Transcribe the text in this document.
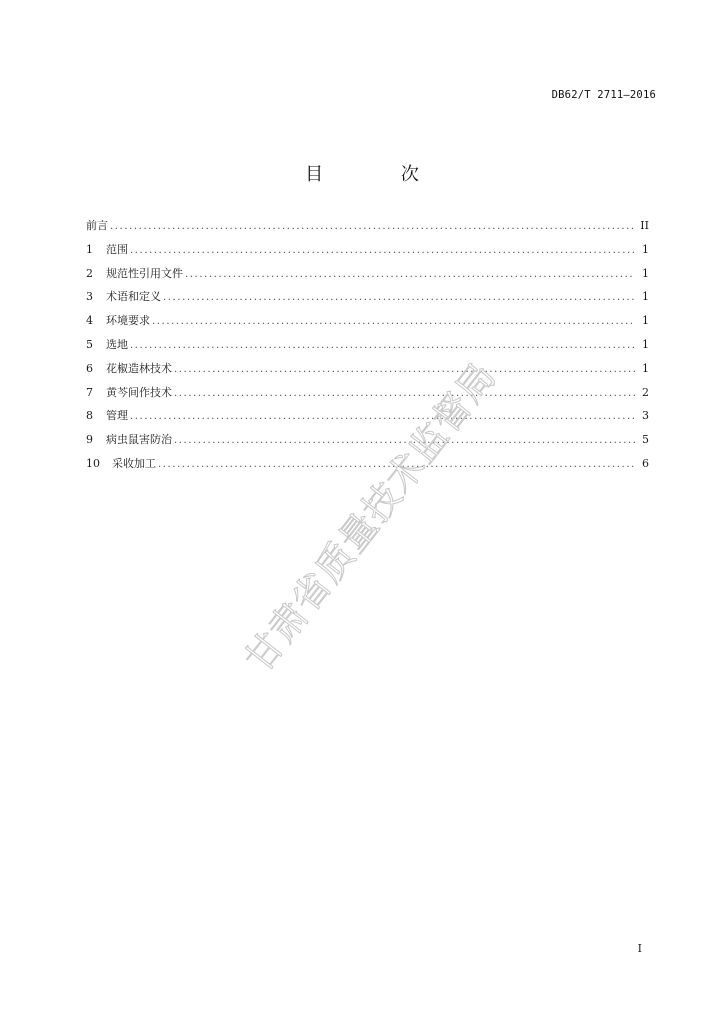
DB62/T 2711—2016
目 次
前言 .....	II
1	范围 .....	1
2	规范性引用文件 .....	1
3	术语和定义 .....	1
4	环境要求 .....	1
5	选地 .....	1
6	花椒造林技术 .....	1
7	黄芩间作技术 .....	2
8	管理 .....	3
9	病虫鼠害防治 .....	5
10	采收加工 .....	6
甘肃省质量技术监督局
I
